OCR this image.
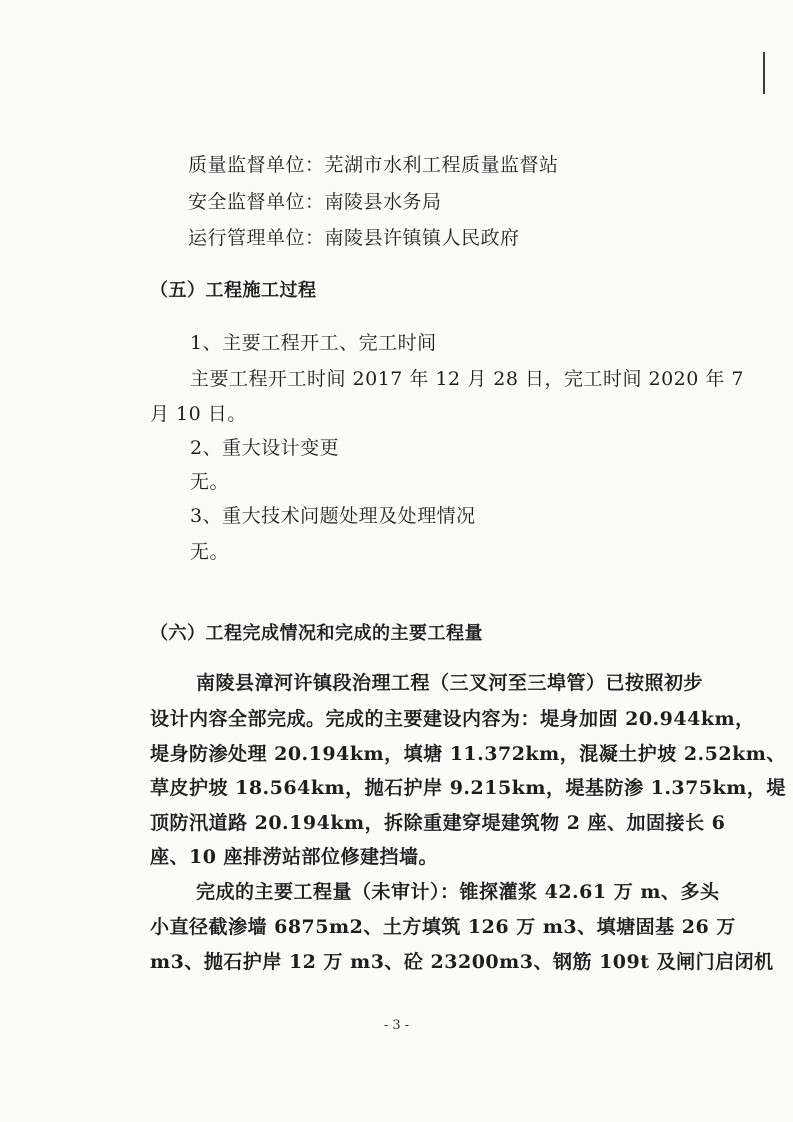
质量监督单位：芜湖市水利工程质量监督站
安全监督单位：南陵县水务局
运行管理单位：南陵县许镇镇人民政府
（五）工程施工过程
1、主要工程开工、完工时间
主要工程开工时间 2017 年 12 月 28 日，完工时间 2020 年 7
月 10 日。
2、重大设计变更
无。
3、重大技术问题处理及处理情况
无。
（六）工程完成情况和完成的主要工程量
南陵县漳河许镇段治理工程（三叉河至三埠管）已按照初步
设计内容全部完成。完成的主要建设内容为：堤身加固 20.944km，
堤身防渗处理 20.194km，填塘 11.372km，混凝土护坡 2.52km、
草皮护坡 18.564km，抛石护岸 9.215km，堤基防渗 1.375km，堤
顶防汛道路 20.194km，拆除重建穿堤建筑物 2 座、加固接长 6
座、10 座排涝站部位修建挡墙。
完成的主要工程量（未审计）：锥探灌浆 42.61 万 m、多头
小直径截渗墙 6875m2、土方填筑 126 万 m3、填塘固基 26 万
m3、抛石护岸 12 万 m3、砼 23200m3、钢筋 109t 及闸门启闭机
- 3 -
